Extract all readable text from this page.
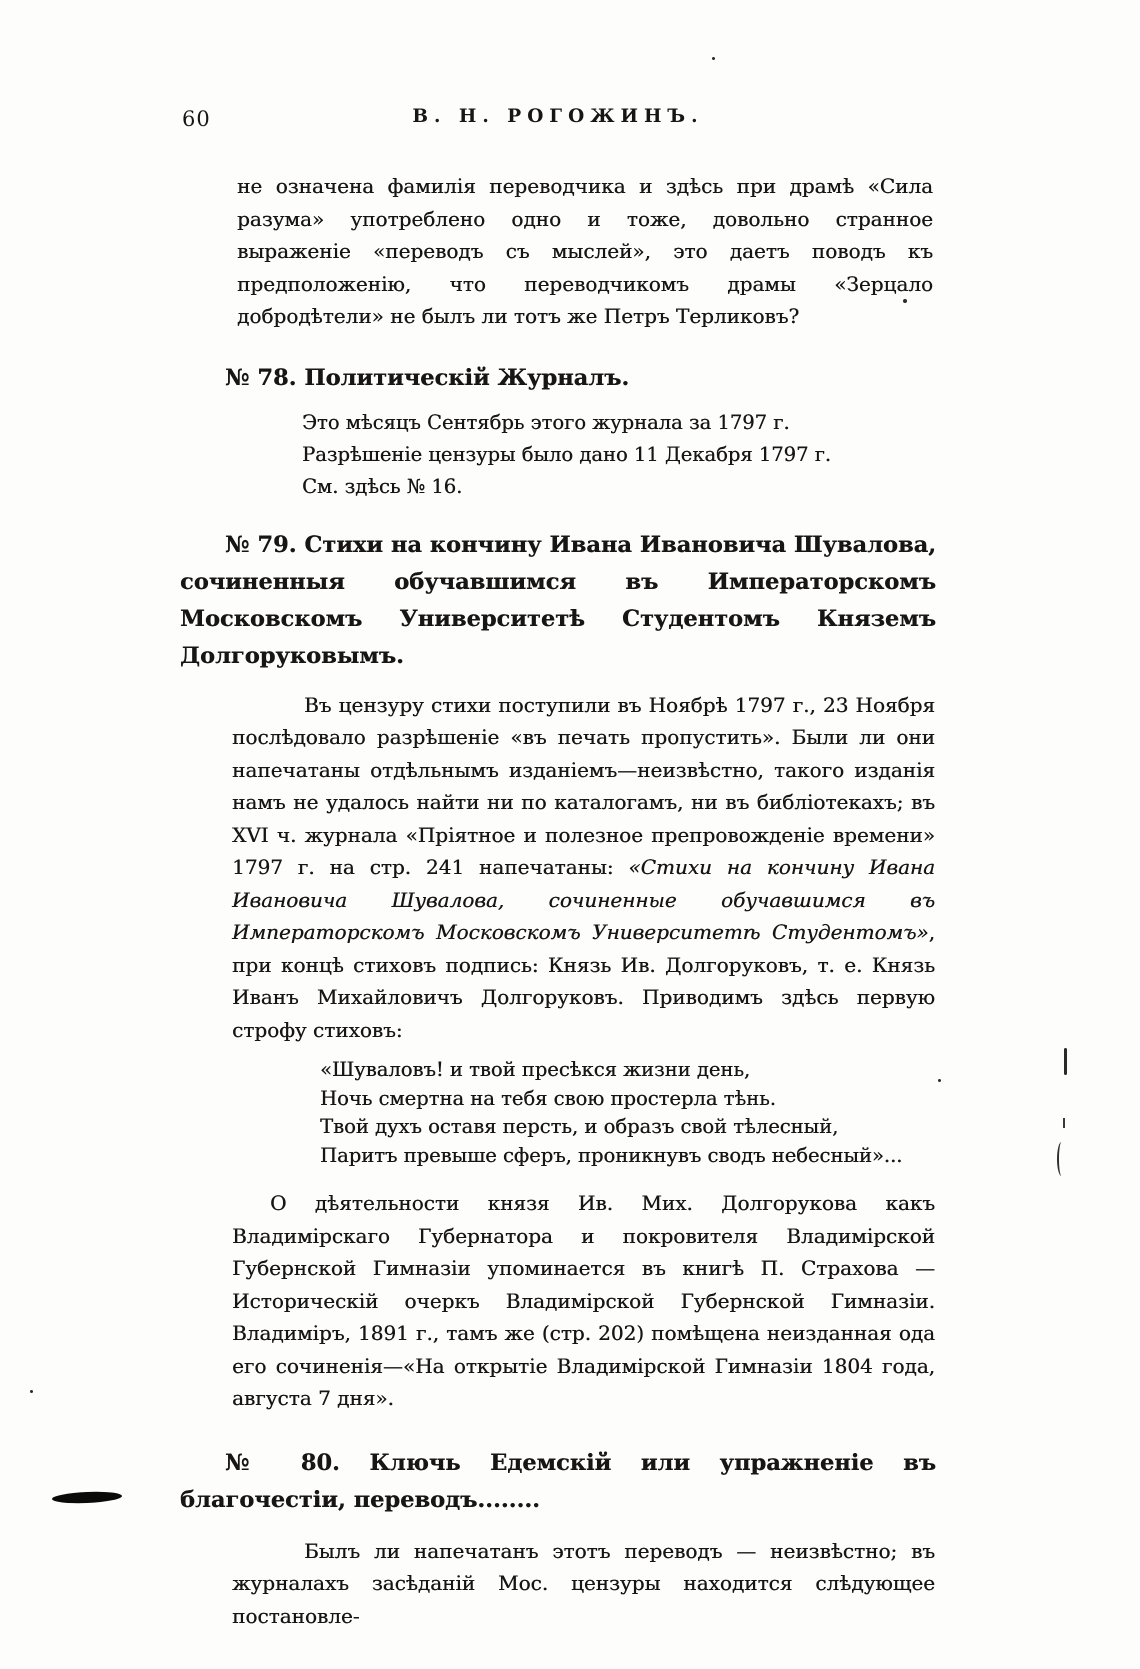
60	В. Н. РОГОЖИНЪ.

не означена фамилія переводчика и здѣсь при драмѣ «Сила разума» употреблено одно и тоже, довольно странное выраженіе «переводъ съ мыслей», это даетъ поводъ къ предположенію, что переводчикомъ драмы «Зерцало добродѣтели» не былъ ли тотъ же Петръ Терликовъ?

№ 78. Политическій Журналъ.
Это мѣсяцъ Сентябрь этого журнала за 1797 г.
Разрѣшеніе цензуры было дано 11 Декабря 1797 г.
См. здѣсь № 16.
№ 79. Стихи на кончину Ивана Ивановича Шувалова, сочиненныя обучавшимся въ Императорскомъ Московскомъ Университетѣ Студентомъ Княземъ Долгоруковымъ.

Въ цензуру стихи поступили въ Ноябрѣ 1797 г., 23 Ноября послѣдовало разрѣшеніе «въ печать пропустить». Были ли они напечатаны отдѣльнымъ изданіемъ—неизвѣстно, такого изданія намъ не удалось найти ни по каталогамъ, ни въ библіотекахъ; въ XVI ч. журнала «Пріятное и полезное препровожденіе времени» 1797 г. на стр. 241 напечатаны: «Стихи на кончину Ивана Ивановича Шувалова, сочиненные обучавшимся въ Императорскомъ Московскомъ Университетѣ Студентомъ», при концѣ стиховъ подпись: Князь Ив. Долгоруковъ, т. е. Князь Иванъ Михайловичъ Долгоруковъ. Приводимъ здѣсь первую строфу стиховъ:

«Шуваловъ! и твой пресѣкся жизни день,
Ночь смертна на тебя свою простерла тѣнь.
Твой духъ оставя персть, и образъ свой тѣлесный,
Паритъ превыше сферъ, проникнувъ сводъ небесный»...

О дѣятельности князя Ив. Мих. Долгорукова какъ Владимірскаго Губернатора и покровителя Владимірской Губернской Гимназіи упоминается въ книгѣ П. Страхова — Историческій очеркъ Владимірской Губернской Гимназіи. Владиміръ, 1891 г., тамъ же (стр. 202) помѣщена неизданная ода его сочиненія—«На открытіе Владимірской Гимназіи 1804 года, августа 7 дня».

№ 80. Ключь Едемскій или упражненіе въ благочестіи, переводъ........

Былъ ли напечатанъ этотъ переводъ — неизвѣстно; въ журналахъ засѣданій Мос. цензуры находится слѣдующее постановле-
